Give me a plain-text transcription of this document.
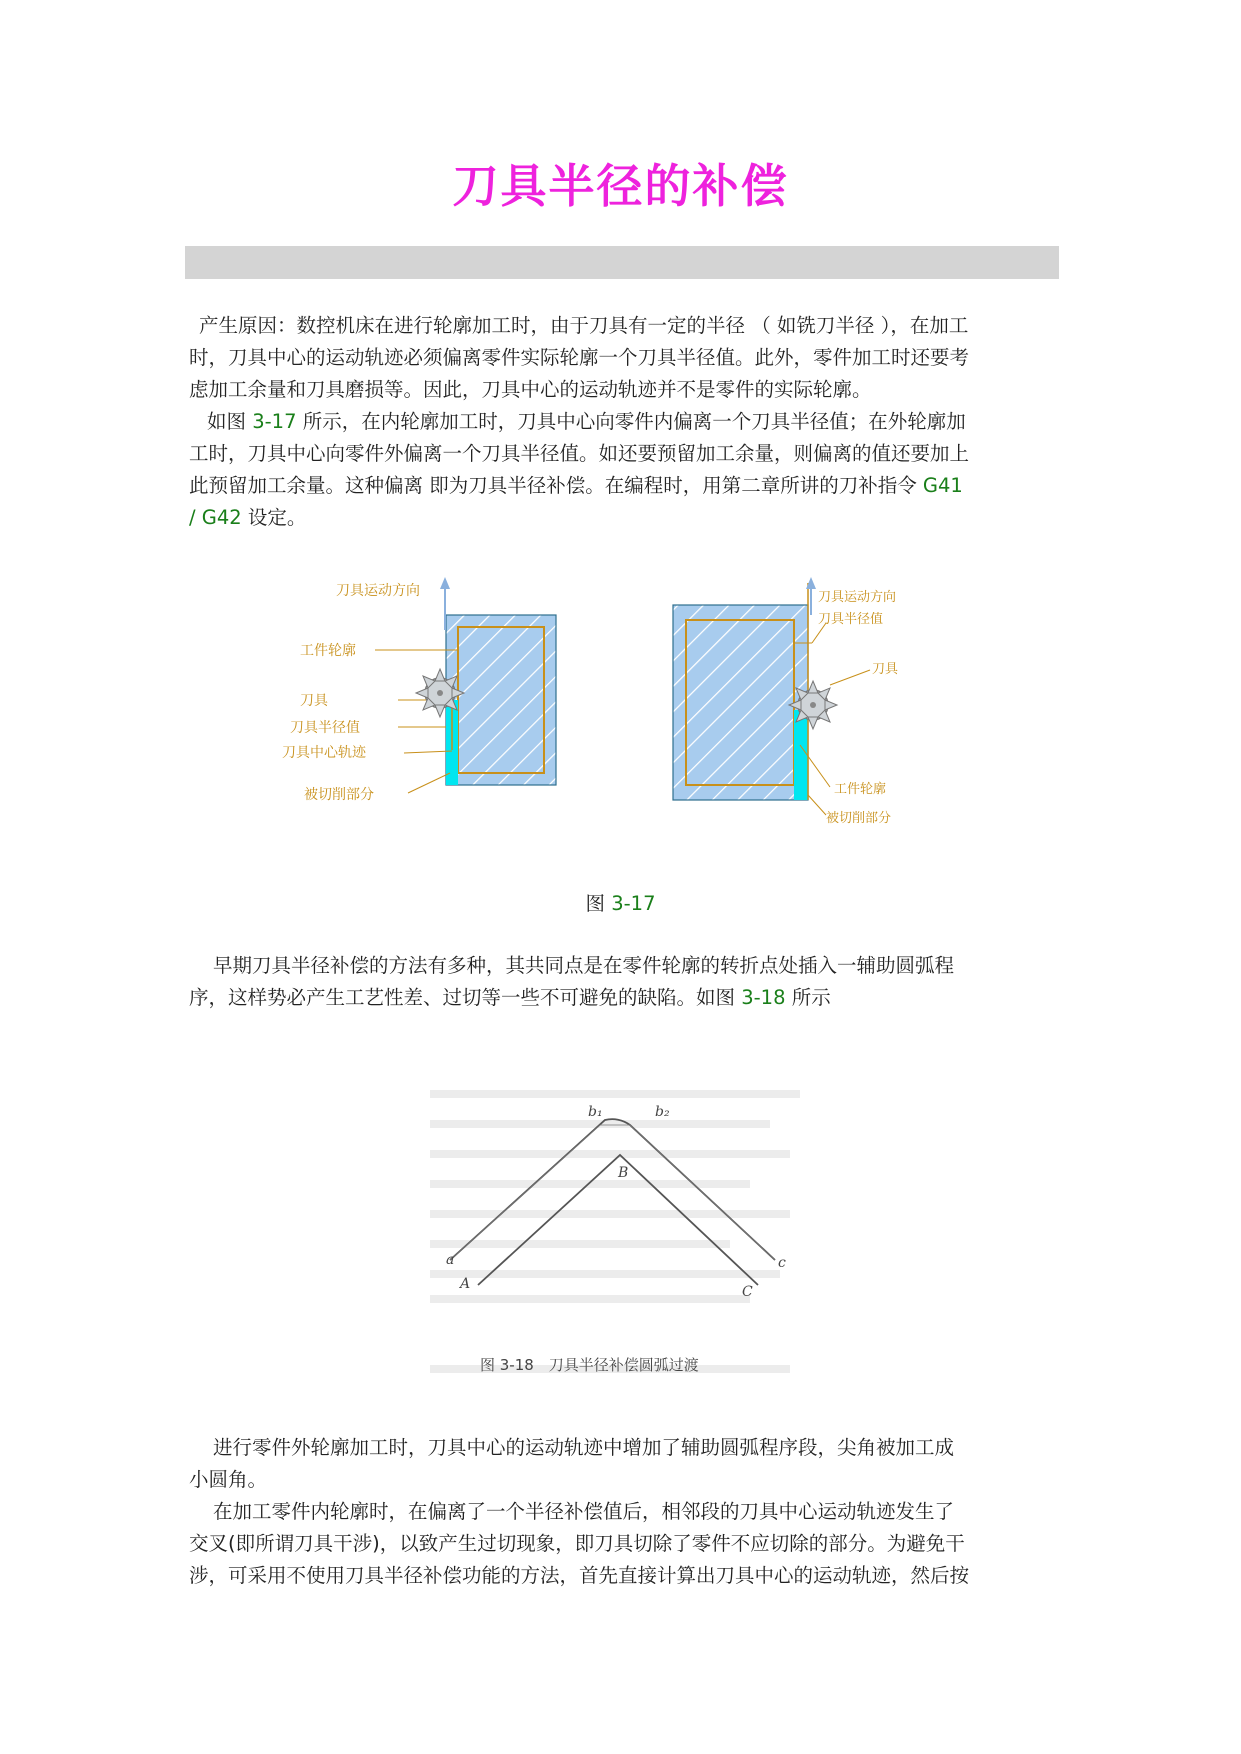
刀具半径的补偿

产生原因：数控机床在进行轮廓加工时，由于刀具有一定的半径 （ 如铣刀半径 ），在加工
时，刀具中心的运动轨迹必须偏离零件实际轮廓一个刀具半径值。此外，零件加工时还要考
虑加工余量和刀具磨损等。因此，刀具中心的运动轨迹并不是零件的实际轮廓。

如图 3-17 所示，在内轮廓加工时，刀具中心向零件内偏离一个刀具半径值；在外轮廓加
工时，刀具中心向零件外偏离一个刀具半径值。如还要预留加工余量，则偏离的值还要加上
此预留加工余量。这种偏离 即为刀具半径补偿。在编程时，用第二章所讲的刀补指令 G41
/ G42 设定。

刀具运动方向
工件轮廓
刀具
刀具半径值
刀具中心轨迹
被切削部分
刀具运动方向
刀具半径值
刀具
工件轮廓
被切削部分
图 3-17

早期刀具半径补偿的方法有多种，其共同点是在零件轮廓的转折点处插入一辅助圆弧程
序，这样势必产生工艺性差、过切等一些不可避免的缺陷。如图 3-18 所示

b₁	b₂
B
a
A
c
C
图 3-18　刀具半径补偿圆弧过渡

进行零件外轮廓加工时，刀具中心的运动轨迹中增加了辅助圆弧程序段，尖角被加工成
小圆角。

在加工零件内轮廓时，在偏离了一个半径补偿值后，相邻段的刀具中心运动轨迹发生了
交叉(即所谓刀具干涉)，以致产生过切现象，即刀具切除了零件不应切除的部分。为避免干
涉，可采用不使用刀具半径补偿功能的方法，首先直接计算出刀具中心的运动轨迹，然后按
